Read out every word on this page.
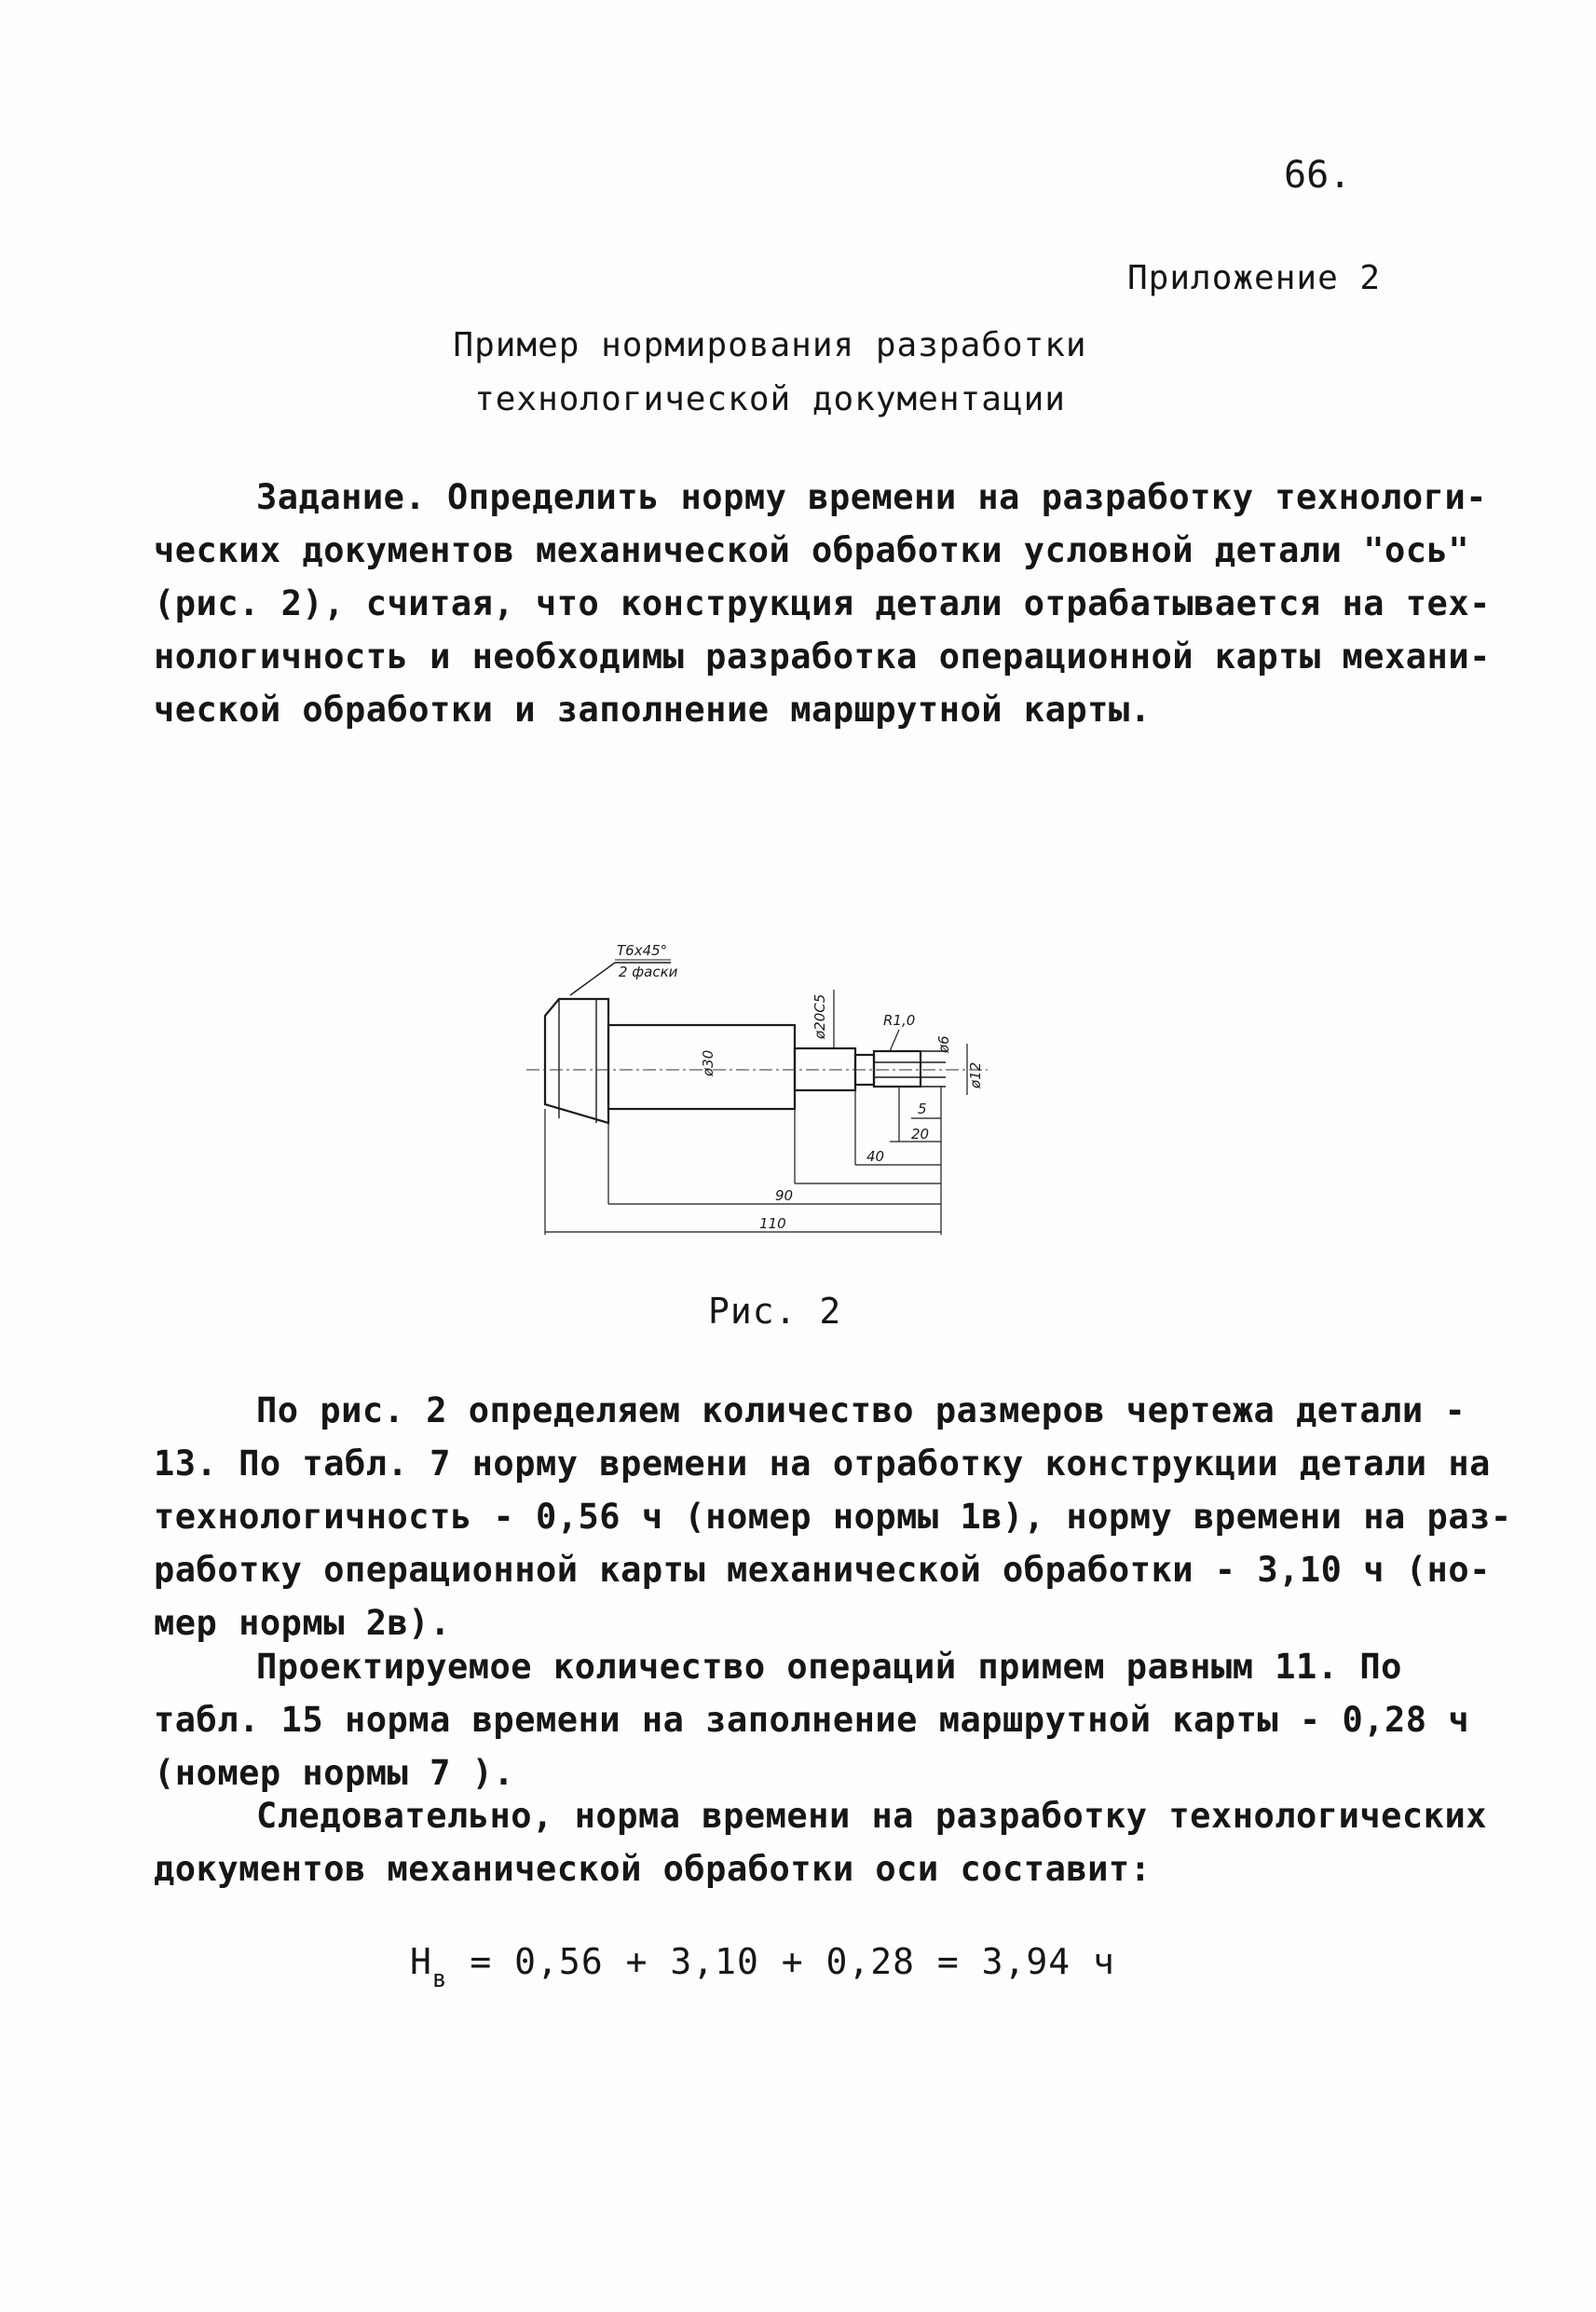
66.
Приложение 2
Пример нормирования разработки
технологической документации
Задание. Определить норму времени на разработку технологи-
ческих документов механической обработки условной детали "ось"
(рис. 2), считая, что конструкция детали отрабатывается на тех-
нологичность и необходимы разработка операционной карты механи-
ческой обработки и заполнение маршрутной карты.
Т6х45°
2 фаски
ø30
ø20С5	R1,0
ø6
ø12
5
20
40
90
110
Рис. 2
По рис. 2 определяем количество размеров чертежа детали -
13. По табл. 7 норму времени на отработку конструкции детали на
технологичность - 0,56 ч (номер нормы 1в), норму времени на раз-
работку операционной карты механической обработки - 3,10 ч (но-
мер нормы 2в).
Проектируемое количество операций примем равным 11. По
табл. 15 норма времени на заполнение маршрутной карты - 0,28 ч
(номер нормы 7 ).
Следовательно, норма времени на разработку технологических
документов механической обработки оси составит:
$Н_в = 0,56 + 3,10 + 0,28 = 3,94$ ч
